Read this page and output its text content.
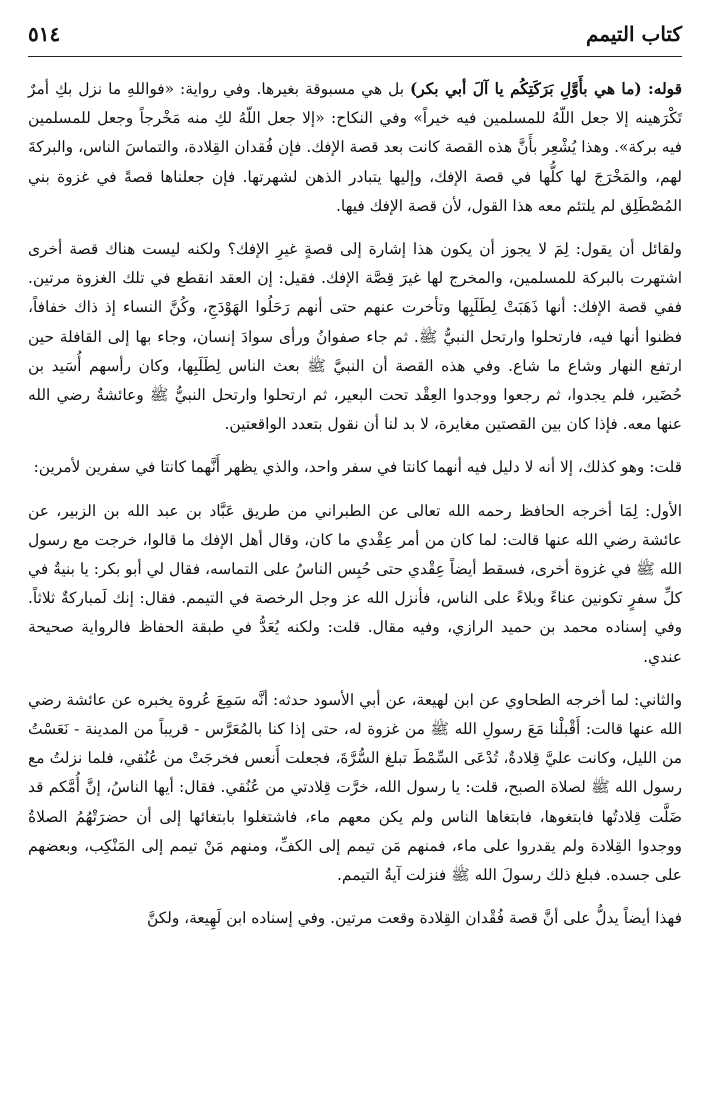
٥١٤	كتاب التيمم

قوله: (ما هي بأَوَّلِ بَرَكَتِكُم يا آلَ أبي بكر) بل هي مسبوقة بغيرها. وفي رواية: «فواللهِ ما نزل بكِ أمرٌ تَكْرَهينه إلا جعل اللّهُ للمسلمين فيه خيراً» وفي النكاح: «إلا جعل اللّهُ لكِ منه مَخْرجاً وجعل للمسلمين فيه بركة». وهذا يُشْعِر بأَنَّ هذه القصة كانت بعد قصة الإفك. فإن فُقدان القِلادة، والتماسَ الناس، والبركةَ لهم، والمَخْرَجَ لها كلُّها في قصة الإفك، وإليها يتبادر الذهن لشهرتها. فإن جعلناها قصةً في غزوة بني المُصْطَلِق لم يلتئم معه هذا القول، لأن قصة الإفك فيها.

ولقائل أن يقول: لِمَ لا يجوز أن يكون هذا إشارة إلى قصةٍ غيرِ الإفك؟ ولكنه ليست هناك قصة أخرى اشتهرت بالبركة للمسلمين، والمخرج لها غيرَ قِصَّة الإفك. فقيل: إن العقد انقطع في تلك الغزوة مرتين. ففي قصة الإفك: أنها ذَهَبَتْ لِطَلَبِها وتأخرت عنهم حتى أنهم رَحَلُوا الهَوْدَجِ، وكُنَّ النساء إذ ذاك خفافاً، فظنوا أنها فيه، فارتحلوا وارتحل النبيُّ ﷺ. ثم جاء صفوانُ ورأى سوادَ إنسان، وجاء بها إلى القافلة حين ارتفع النهار وشاع ما شاع. وفي هذه القصة أن النبيَّ ﷺ بعث الناس لِطَلَبِها، وكان رأسهم أُسَيد بن حُضَير، فلم يجدوا، ثم رجعوا ووجدوا العِقْد تحت البعير، ثم ارتحلوا وارتحل النبيُّ ﷺ وعائشةُ رضي الله عنها معه. فإذا كان بين القصتين مغايرة، لا بد لنا أن نقول بتعدد الواقعتين.

قلت: وهو كذلك، إلا أنه لا دليل فيه أنهما كانتا في سفر واحد، والذي يظهر أَنَّهما كانتا في سفرين لأمرين:

الأول: لِمَا أخرجه الحافظ رحمه الله تعالى عن الطبراني من طريق عَبَّاد بن عبد الله بن الزبير، عن عائشة رضي الله عنها قالت: لما كان من أمر عِقْدي ما كان، وقال أهل الإفك ما قالوا، خرجت مع رسول الله ﷺ في غزوة أخرى، فسقط أيضاً عِقْدي حتى حُبِس الناسُ على التماسه، فقال لي أبو بكر: يا بنيةُ في كلِّ سفرٍ تكونين عناءً وبلاءً على الناس، فأنزل الله عز وجل الرخصة في التيمم. فقال: إنك لَمباركةٌ ثلاثاً. وفي إسناده محمد بن حميد الرازي، وفيه مقال. قلت: ولكنه يُعَدُّ في طبقة الحفاظ فالرواية صحيحة عندي.

والثاني: لما أخرجه الطحاوي عن ابن لهيعة، عن أبي الأسود حدثه: أنَّه سَمِعَ عُروة يخبره عن عائشة رضي الله عنها قالت: أَقْبلْنا مَعَ رسولِ الله ﷺ من غزوة له، حتى إذا كنا بالمُعَرَّس - قريباً من المدينة - نَعَسْتُ من الليل، وكانت عليَّ قِلادةٌ، تُدْعَى السِّمْطَ تبلغ السُّرَّةَ، فجعلت أَنعس فخرجَتْ من عُنُقي، فلما نزلتُ مع رسول الله ﷺ لصلاة الصبح، قلت: يا رسول الله، خرَّت قِلادتي من عُنُقي. فقال: أيها الناسُ، إنَّ أُمَّكم قد ضَلَّت قِلادتُها فابتغوها، فابتغاها الناس ولم يكن معهم ماء، فاشتغلوا بابتغائها إلى أن حضرَتْهُمُ الصلاةُ ووجدوا القِلادة ولم يقدروا على ماء، فمنهم مَن تيمم إلى الكفِّ، ومنهم مَنْ تيمم إلى المَنْكِب، وبعضهم على جسده. فبلغ ذلك رسولَ الله ﷺ فنزلت آيةُ التيمم.

فهذا أيضاً يدلُّ على أنَّ قصة فُقْدان القِلادة وقعت مرتين. وفي إسناده ابن لَهِيعة، ولكنَّ
